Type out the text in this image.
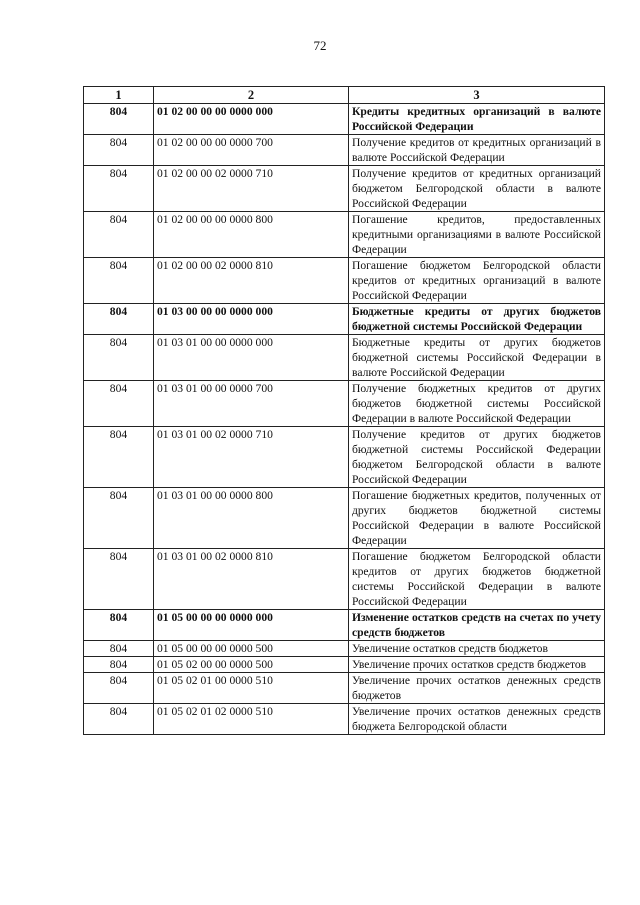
72
1	2	3
804	01 02 00 00 00 0000 000	Кредиты кредитных организаций в валюте Российской Федерации
804	01 02 00 00 00 0000 700	Получение кредитов от кредитных организаций в валюте Российской Федерации
804	01 02 00 00 02 0000 710	Получение кредитов от кредитных организаций бюджетом Белгородской области в валюте Российской Федерации
804	01 02 00 00 00 0000 800	Погашение кредитов, предоставленных кредитными организациями в валюте Российской Федерации
804	01 02 00 00 02 0000 810	Погашение бюджетом Белгородской области кредитов от кредитных организаций в валюте Российской Федерации
804	01 03 00 00 00 0000 000	Бюджетные кредиты от других бюджетов бюджетной системы Российской Федерации
804	01 03 01 00 00 0000 000	Бюджетные кредиты от других бюджетов бюджетной системы Российской Федерации в валюте Российской Федерации
804	01 03 01 00 00 0000 700	Получение бюджетных кредитов от других бюджетов бюджетной системы Российской Федерации в валюте Российской Федерации
804	01 03 01 00 02 0000 710	Получение кредитов от других бюджетов бюджетной системы Российской Федерации бюджетом Белгородской области в валюте Российской Федерации
804	01 03 01 00 00 0000 800	Погашение бюджетных кредитов, полученных от других бюджетов бюджетной системы Российской Федерации в валюте Российской Федерации
804	01 03 01 00 02 0000 810	Погашение бюджетом Белгородской области кредитов от других бюджетов бюджетной системы Российской Федерации в валюте Российской Федерации
804	01 05 00 00 00 0000 000	Изменение остатков средств на счетах по учету средств бюджетов
804	01 05 00 00 00 0000 500	Увеличение остатков средств бюджетов
804	01 05 02 00 00 0000 500	Увеличение прочих остатков средств бюджетов
804	01 05 02 01 00 0000 510	Увеличение прочих остатков денежных средств бюджетов
804	01 05 02 01 02 0000 510	Увеличение прочих остатков денежных средств бюджета Белгородской области
